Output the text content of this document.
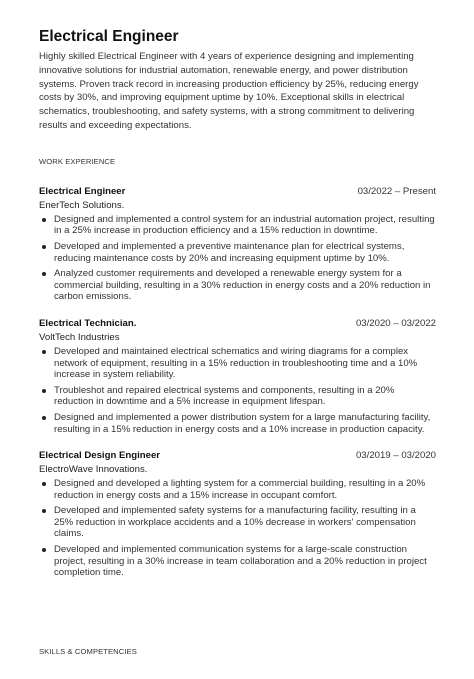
Electrical Engineer

Highly skilled Electrical Engineer with 4 years of experience designing and implementing innovative solutions for industrial automation, renewable energy, and power distribution systems. Proven track record in increasing production efficiency by 25%, reducing energy costs by 30%, and improving equipment uptime by 10%. Exceptional skills in electrical schematics, troubleshooting, and safety systems, with a strong commitment to delivering results and exceeding expectations.

WORK EXPERIENCE
Electrical Engineer	03/2022 – Present
EnerTech Solutions.
Designed and implemented a control system for an industrial automation project, resulting in a 25% increase in production efficiency and a 15% reduction in downtime.
Developed and implemented a preventive maintenance plan for electrical systems, reducing maintenance costs by 20% and increasing equipment uptime by 10%.
Analyzed customer requirements and developed a renewable energy system for a commercial building, resulting in a 30% reduction in energy costs and a 20% reduction in carbon emissions.
Electrical Technician.	03/2020 – 03/2022
VoltTech Industries
Developed and maintained electrical schematics and wiring diagrams for a complex network of equipment, resulting in a 15% reduction in troubleshooting time and a 10% increase in system reliability.
Troubleshot and repaired electrical systems and components, resulting in a 20% reduction in downtime and a 5% increase in equipment lifespan.
Designed and implemented a power distribution system for a large manufacturing facility, resulting in a 15% reduction in energy costs and a 10% increase in production capacity.
Electrical Design Engineer	03/2019 – 03/2020
ElectroWave Innovations.
Designed and developed a lighting system for a commercial building, resulting in a 20% reduction in energy costs and a 15% increase in occupant comfort.
Developed and implemented safety systems for a manufacturing facility, resulting in a 25% reduction in workplace accidents and a 10% decrease in workers' compensation claims.
Developed and implemented communication systems for a large-scale construction project, resulting in a 30% increase in team collaboration and a 20% reduction in project completion time.
SKILLS & COMPETENCIES
